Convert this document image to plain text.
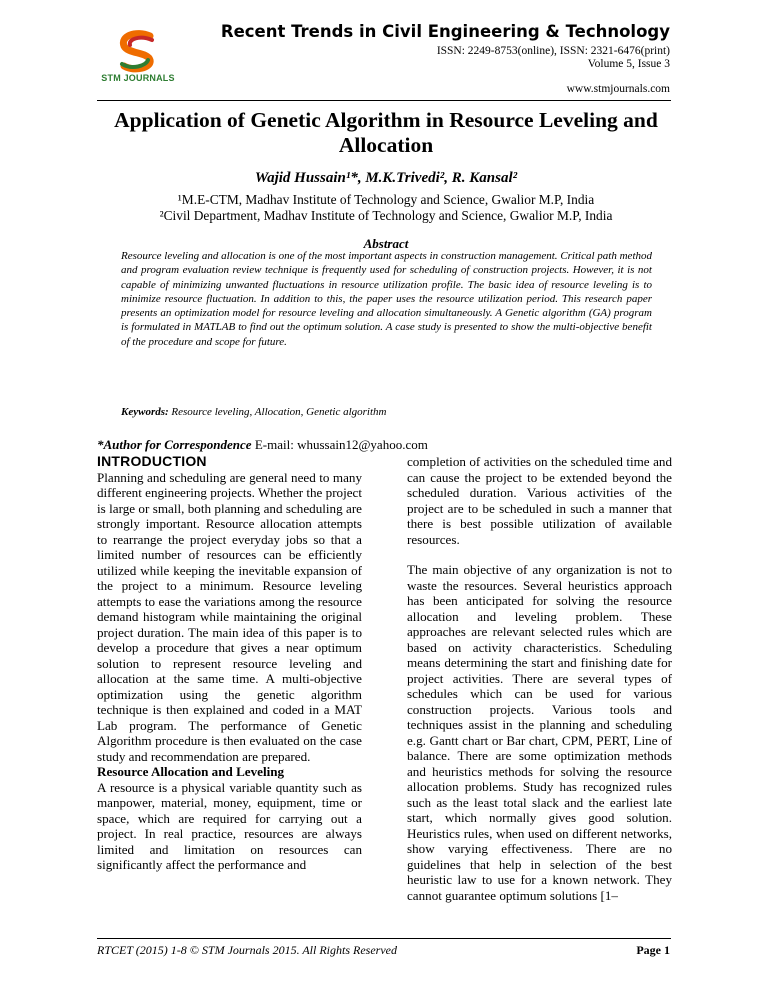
STM JOURNALS
Recent Trends in Civil Engineering & Technology
ISSN: 2249-8753(online), ISSN: 2321-6476(print)
Volume 5, Issue 3
www.stmjournals.com
Application of Genetic Algorithm in Resource Leveling and Allocation
Wajid Hussain¹*, M.K.Trivedi², R. Kansal²
¹M.E-CTM, Madhav Institute of Technology and Science, Gwalior M.P, India
²Civil Department, Madhav Institute of Technology and Science, Gwalior M.P, India
Abstract
Resource leveling and allocation is one of the most important aspects in construction management. Critical path method and program evaluation review technique is frequently used for scheduling of construction projects. However, it is not capable of minimizing unwanted fluctuations in resource utilization profile. The basic idea of resource leveling is to minimize resource fluctuation. In addition to this, the paper uses the resource utilization period. This research paper presents an optimization model for resource leveling and allocation simultaneously. A Genetic algorithm (GA) program is formulated in MATLAB to find out the optimum solution. A case study is presented to show the multi-objective benefit of the procedure and scope for future.
Keywords: Resource leveling, Allocation, Genetic algorithm
*Author for Correspondence E-mail: whussain12@yahoo.com

INTRODUCTION

Planning and scheduling are general need to many different engineering projects. Whether the project is large or small, both planning and scheduling are strongly important. Resource allocation attempts to rearrange the project everyday jobs so that a limited number of resources can be efficiently utilized while keeping the inevitable expansion of the project to a minimum. Resource leveling attempts to ease the variations among the resource demand histogram while maintaining the original project duration. The main idea of this paper is to develop a procedure that gives a near optimum solution to represent resource leveling and allocation at the same time. A multi-objective optimization using the genetic algorithm technique is then explained and coded in a MAT Lab program. The performance of Genetic Algorithm procedure is then evaluated on the case study and recommendation are prepared.

Resource Allocation and Leveling

A resource is a physical variable quantity such as manpower, material, money, equipment, time or space, which are required for carrying out a project. In real practice, resources are always limited and limitation on resources can significantly affect the performance and

completion of activities on the scheduled time and can cause the project to be extended beyond the scheduled duration. Various activities of the project are to be scheduled in such a manner that there is best possible utilization of available resources.

The main objective of any organization is not to waste the resources. Several heuristics approach has been anticipated for solving the resource allocation and leveling problem. These approaches are relevant selected rules which are based on activity characteristics. Scheduling means determining the start and finishing date for project activities. There are several types of schedules which can be used for various construction projects. Various tools and techniques assist in the planning and scheduling e.g. Gantt chart or Bar chart, CPM, PERT, Line of balance. There are some optimization methods and heuristics methods for solving the resource allocation problems. Study has recognized rules such as the least total slack and the earliest late start, which normally gives good solution. Heuristics rules, when used on different networks, show varying effectiveness. There are no guidelines that help in selection of the best heuristic law to use for a known network. They cannot guarantee optimum solutions [1–

RTCET (2015) 1-8 © STM Journals 2015. All Rights Reserved	Page 1
